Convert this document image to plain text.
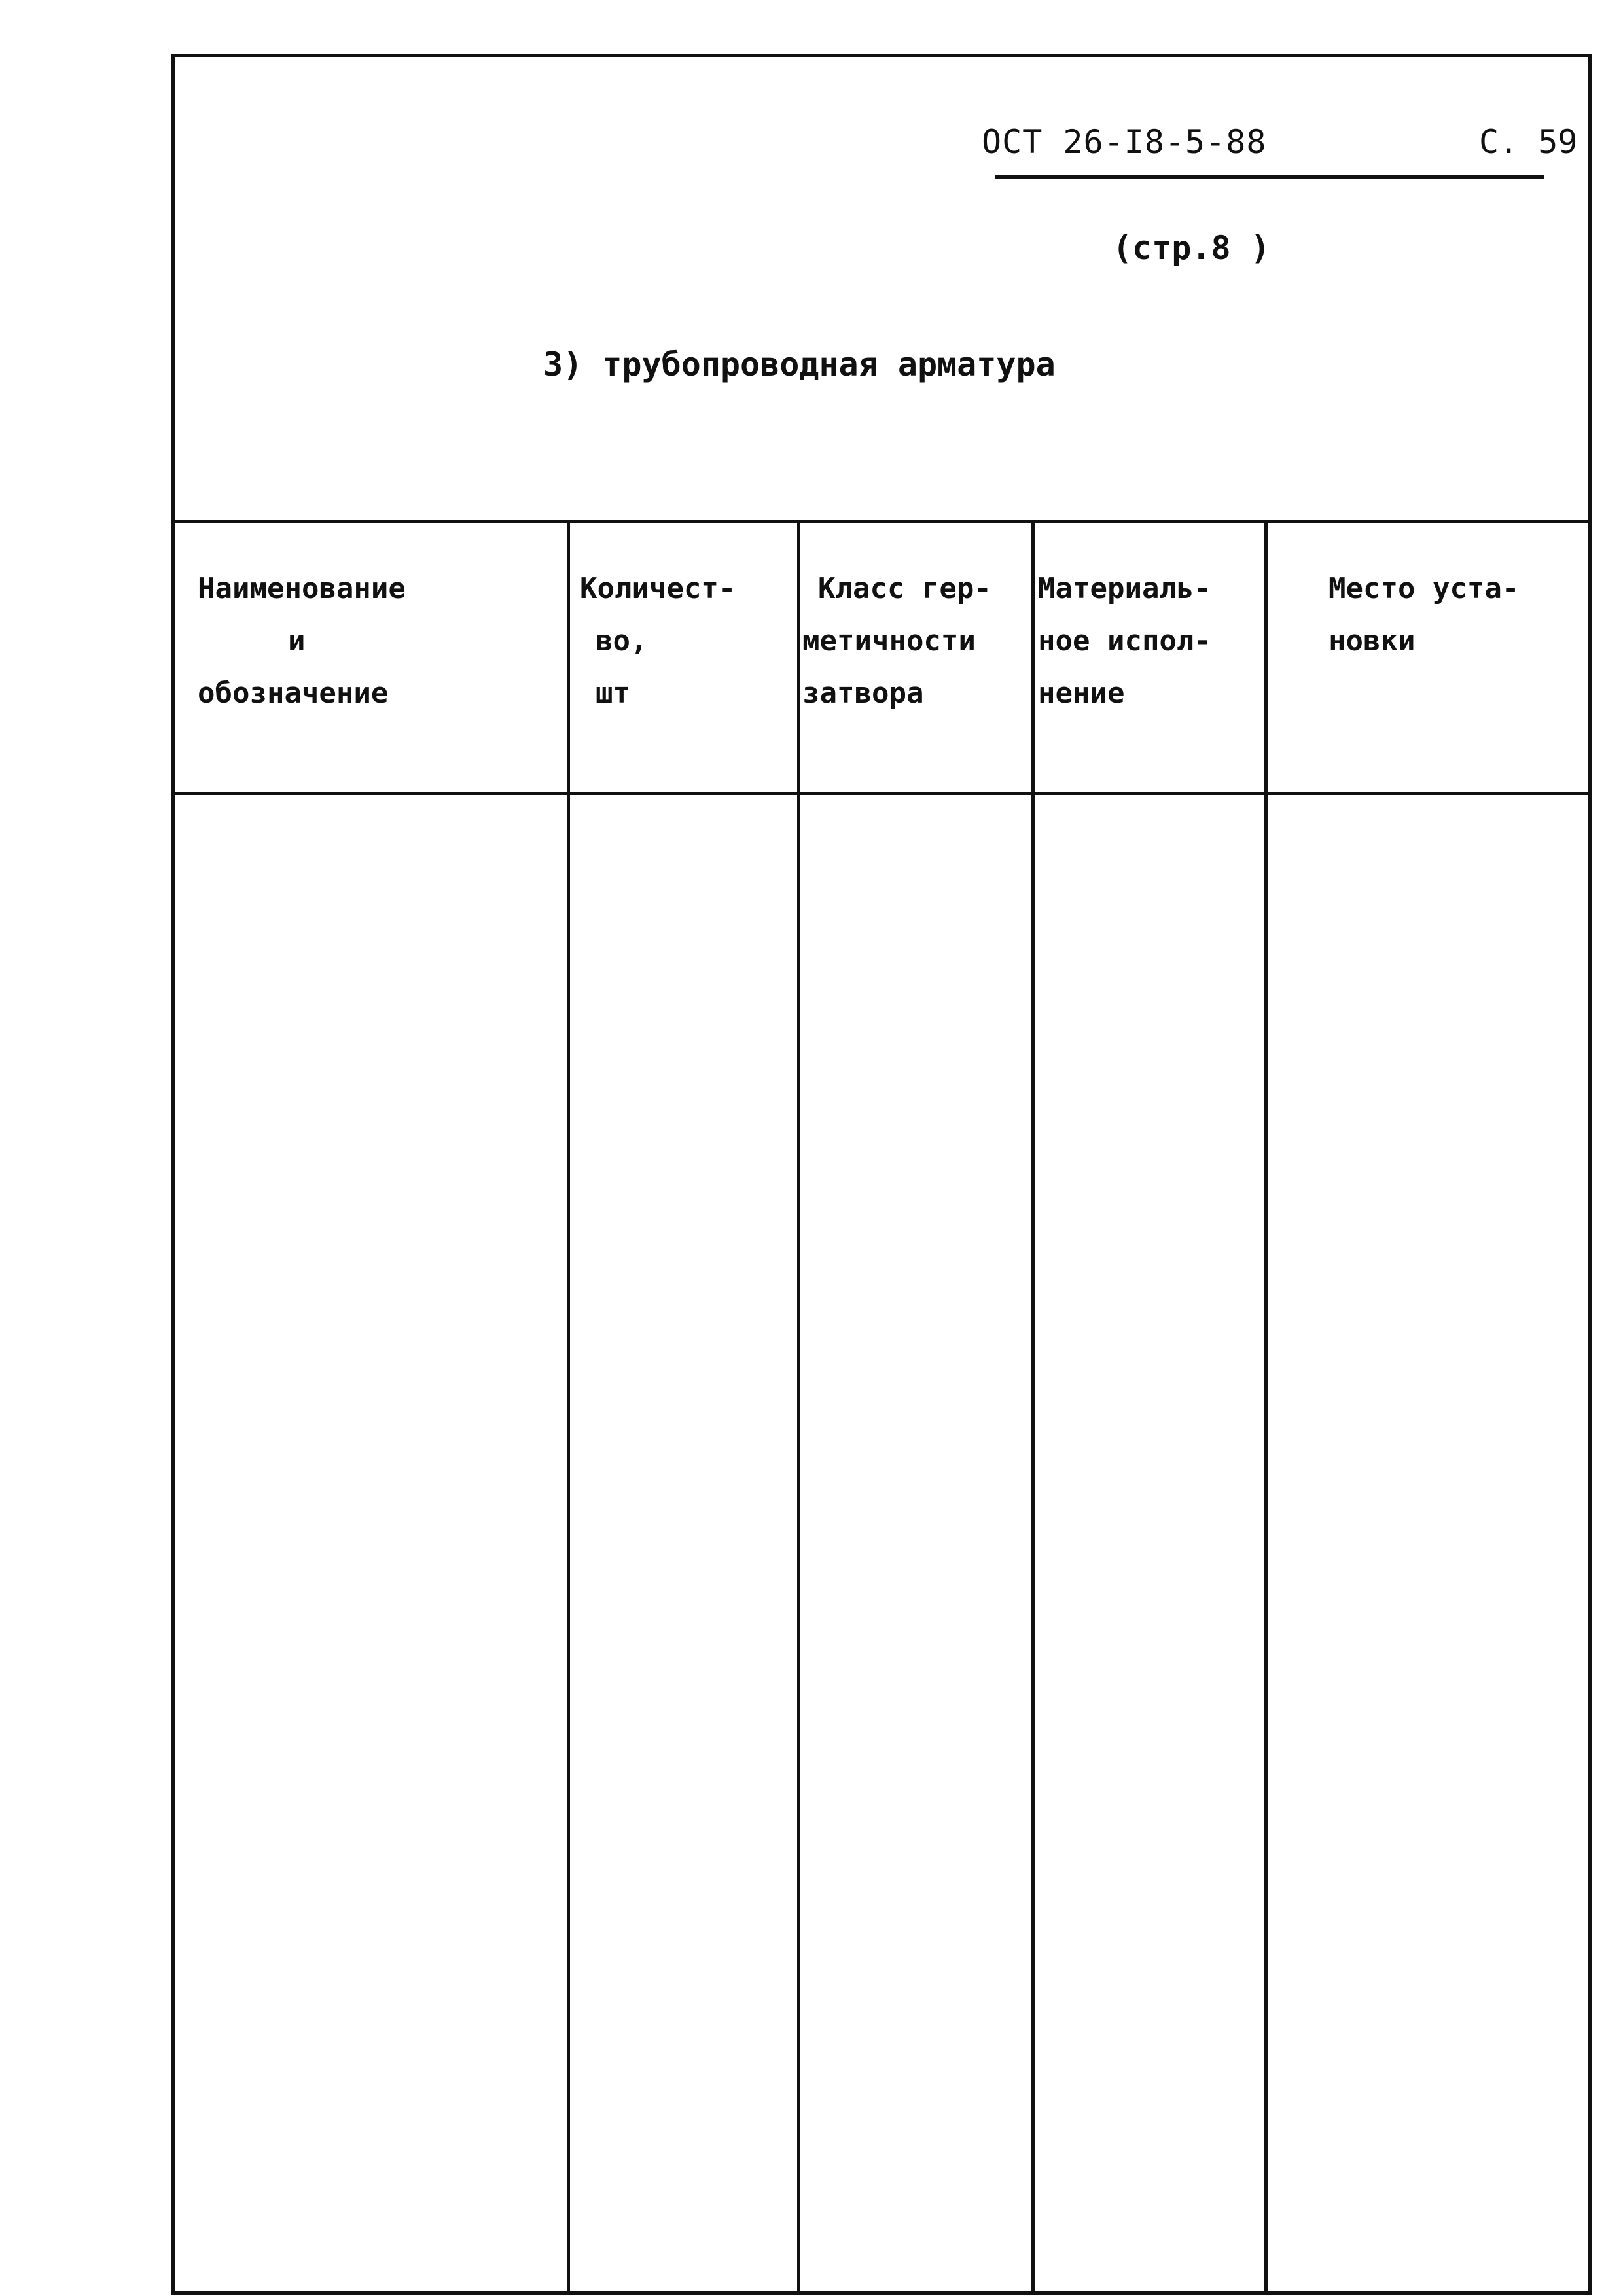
ОСТ 26-I8-5-88	С. 59
(стр.8 )
3) трубопроводная арматура
Наименование
и
обозначение
Количест-
во,
шт
Класс гер-
метичности
затвора
Материаль-
ное испол-
нение
Место уста-
новки
